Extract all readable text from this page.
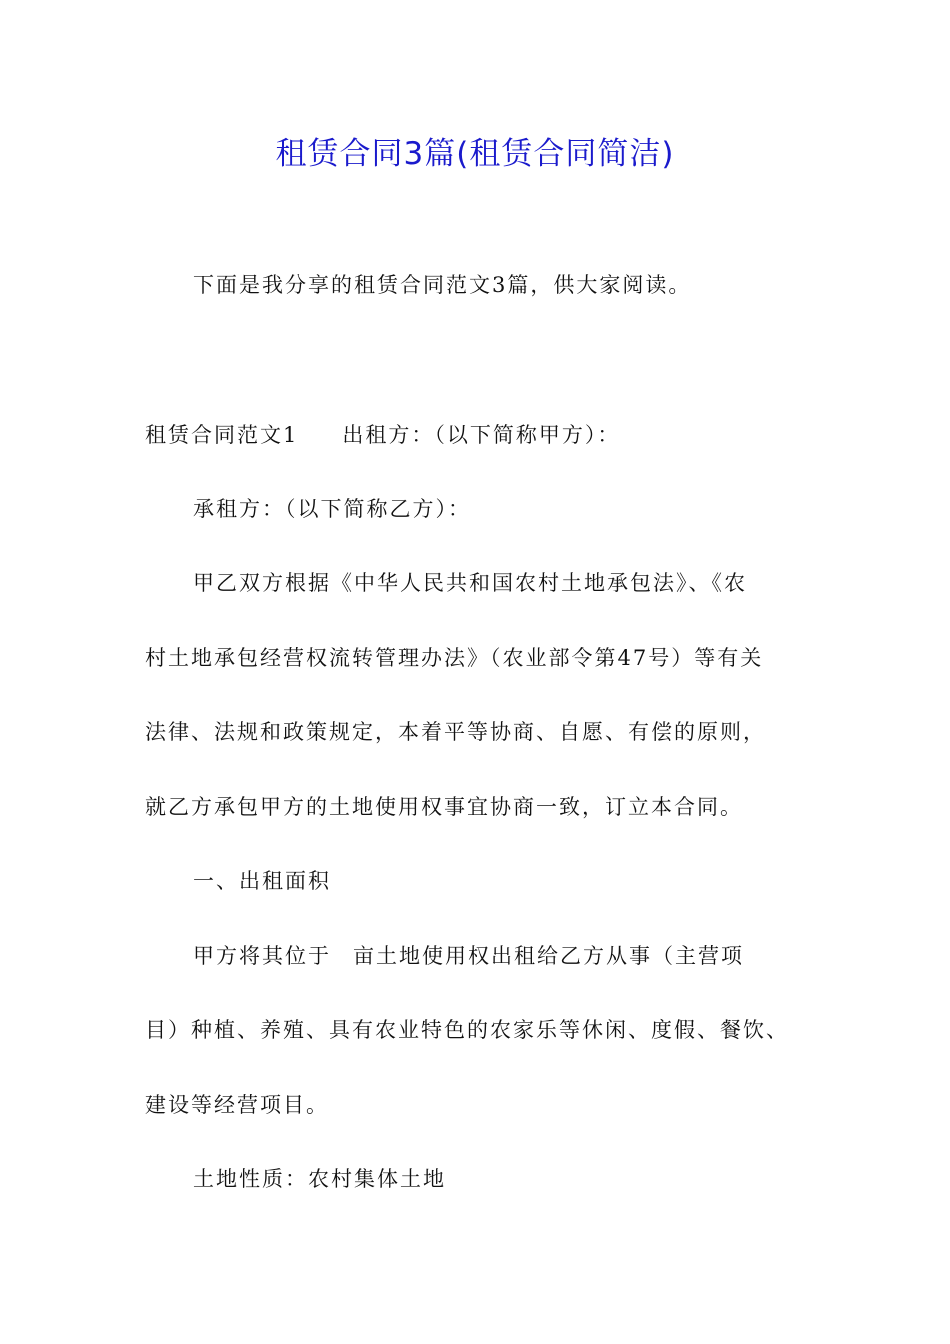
租赁合同3篇(租赁合同简洁)
下面是我分享的租赁合同范文3篇，供大家阅读。
租赁合同范文1 出租方：（以下简称甲方）：
承租方：（以下简称乙方）：
甲乙双方根据《中华人民共和国农村土地承包法》、《农
村土地承包经营权流转管理办法》（农业部令第47号）等有关
法律、法规和政策规定，本着平等协商、自愿、有偿的原则，
就乙方承包甲方的土地使用权事宜协商一致，订立本合同。
一、出租面积
甲方将其位于 亩土地使用权出租给乙方从事（主营项
目）种植、养殖、具有农业特色的农家乐等休闲、度假、餐饮、
建设等经营项目。
土地性质：农村集体土地
